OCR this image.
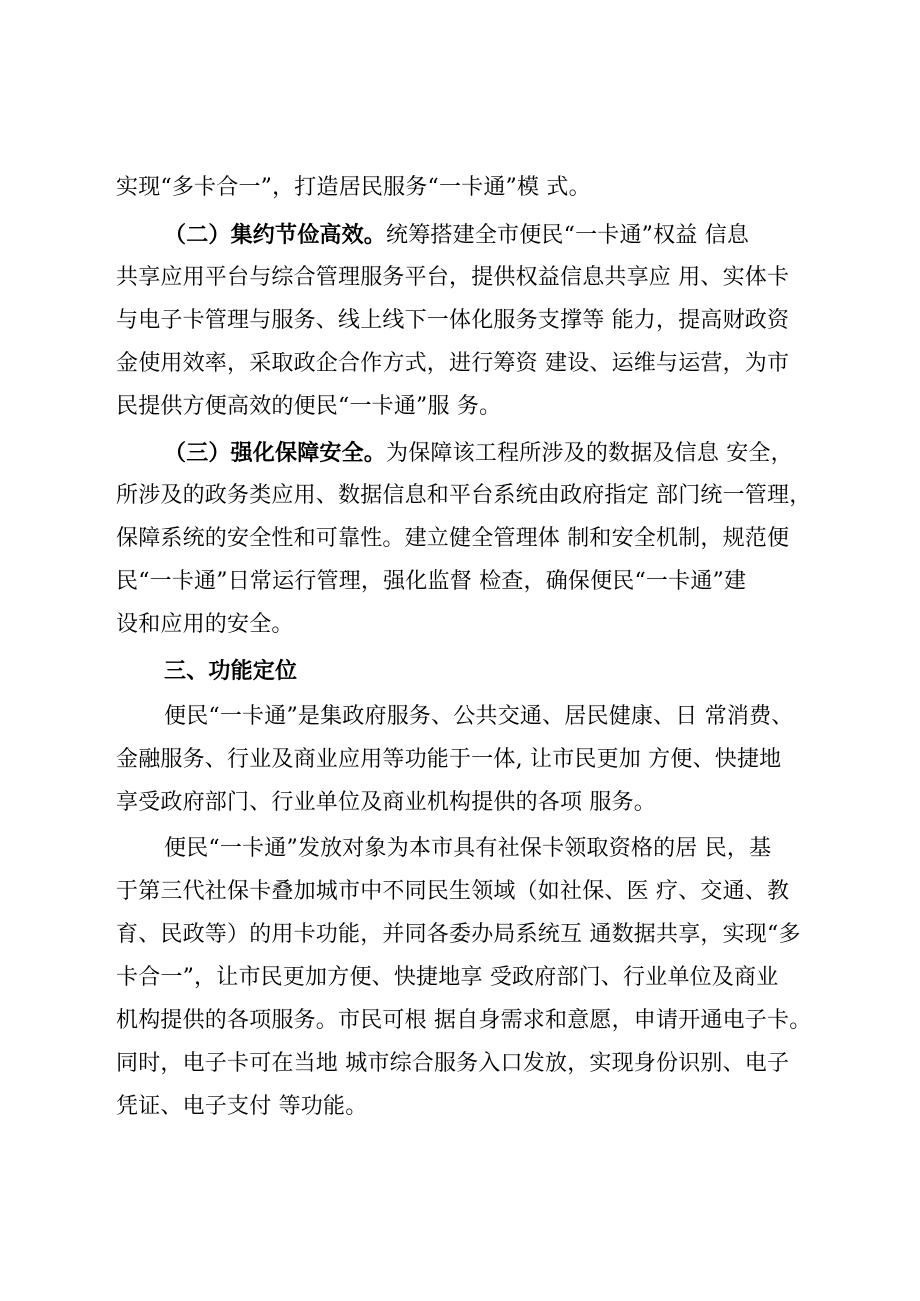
实现“多卡合一”，打造居民服务“一卡通”模 式。
（二）集约节俭高效。统筹搭建全市便民“一卡通”权益 信息
共享应用平台与综合管理服务平台，提供权益信息共享应 用、实体卡
与电子卡管理与服务、线上线下一体化服务支撑等 能力，提高财政资
金使用效率，采取政企合作方式，进行筹资 建设、运维与运营，为市
民提供方便高效的便民“一卡通”服 务。
（三）强化保障安全。为保障该工程所涉及的数据及信息 安全，
所涉及的政务类应用、数据信息和平台系统由政府指定 部门统一管理，
保障系统的安全性和可靠性。建立健全管理体 制和安全机制，规范便
民“一卡通”日常运行管理，强化监督 检查，确保便民“一卡通”建
设和应用的安全。
三、功能定位
便民“一卡通”是集政府服务、公共交通、居民健康、日 常消费、
金融服务、行业及商业应用等功能于一体, 让市民更加 方便、快捷地
享受政府部门、行业单位及商业机构提供的各项 服务。
便民“一卡通”发放对象为本市具有社保卡领取资格的居 民，基
于第三代社保卡叠加城市中不同民生领域（如社保、医 疗、交通、教
育、民政等）的用卡功能，并同各委办局系统互 通数据共享，实现“多
卡合一”，让市民更加方便、快捷地享 受政府部门、行业单位及商业
机构提供的各项服务。市民可根 据自身需求和意愿，申请开通电子卡。
同时，电子卡可在当地 城市综合服务入口发放，实现身份识别、电子
凭证、电子支付 等功能。
